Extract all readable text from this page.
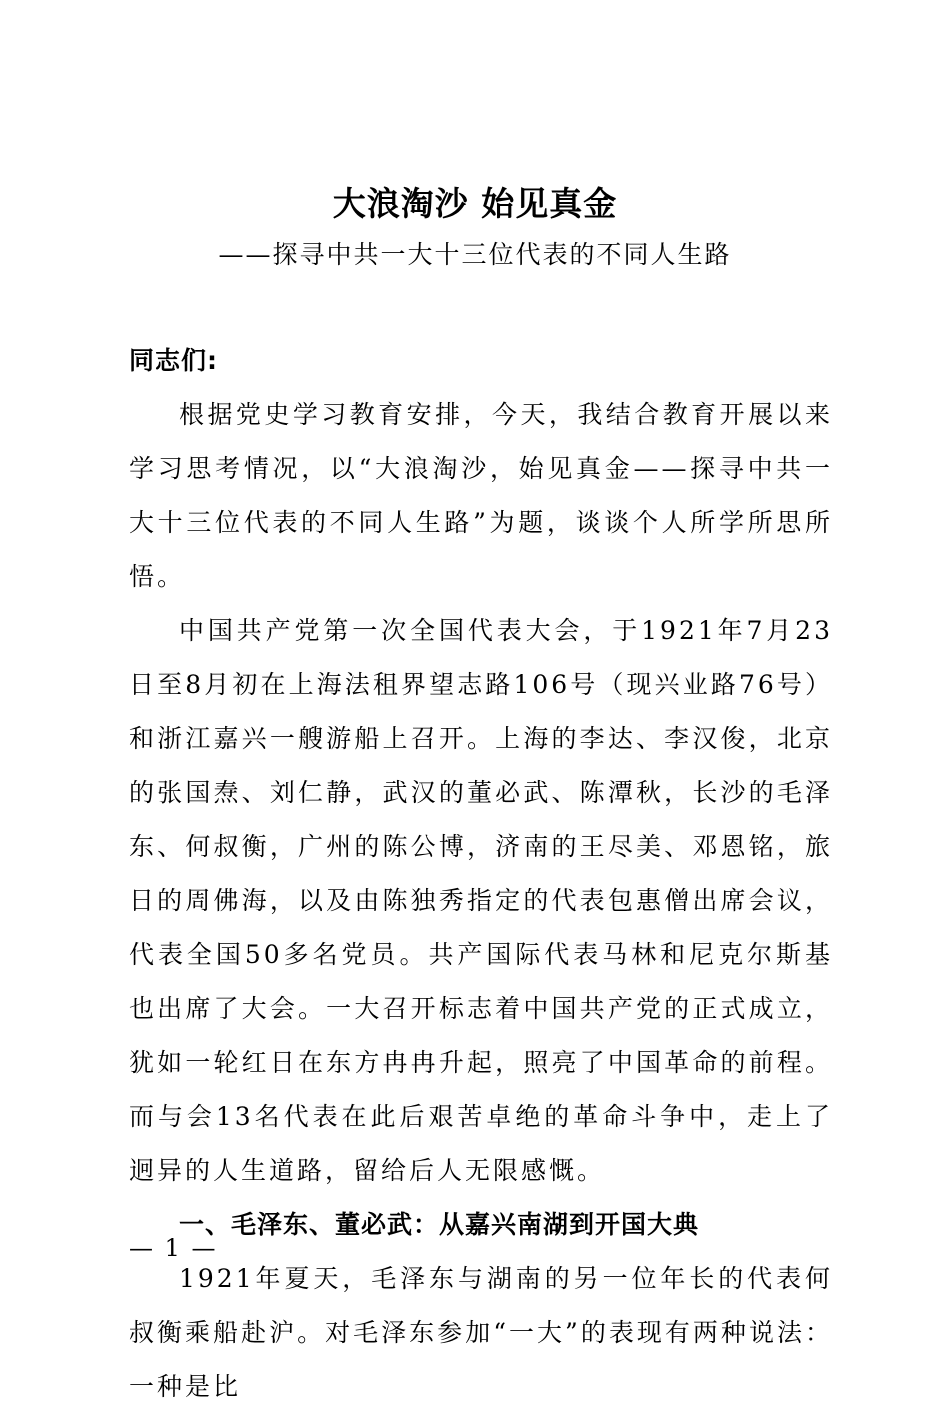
大浪淘沙 始见真金
——探寻中共一大十三位代表的不同人生路

同志们:

根据党史学习教育安排，今天，我结合教育开展以来学习思考情况，以“大浪淘沙，始见真金——探寻中共一大十三位代表的不同人生路”为题，谈谈个人所学所思所悟。

中国共产党第一次全国代表大会，于1921年7月23日至8月初在上海法租界望志路106号（现兴业路76号）和浙江嘉兴一艘游船上召开。上海的李达、李汉俊，北京的张国焘、刘仁静，武汉的董必武、陈潭秋，长沙的毛泽东、何叔衡，广州的陈公博，济南的王尽美、邓恩铭，旅日的周佛海，以及由陈独秀指定的代表包惠僧出席会议，代表全国50多名党员。共产国际代表马林和尼克尔斯基也出席了大会。一大召开标志着中国共产党的正式成立，犹如一轮红日在东方冉冉升起，照亮了中国革命的前程。而与会13名代表在此后艰苦卓绝的革命斗争中，走上了迥异的人生道路，留给后人无限感慨。

一、毛泽东、董必武：从嘉兴南湖到开国大典

1921年夏天，毛泽东与湖南的另一位年长的代表何叔衡乘船赴沪。对毛泽东参加“一大”的表现有两种说法：一种是比

— 1 —
